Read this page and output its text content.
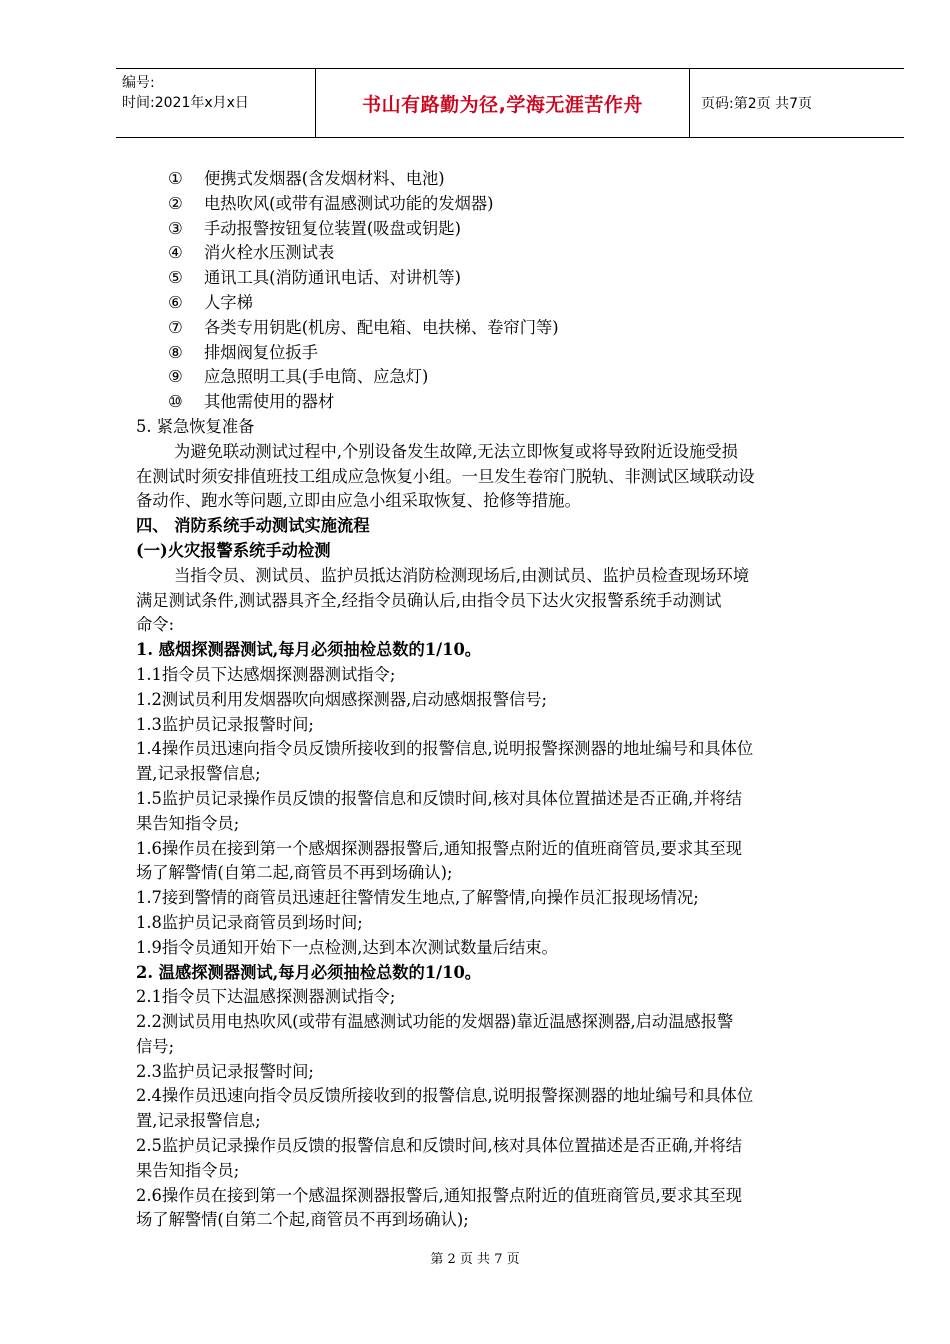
编号:
时间:2021年x月x日	书山有路勤为径,学海无涯苦作舟	页码:第2页 共7页
① 便携式发烟器(含发烟材料、电池)
② 电热吹风(或带有温感测试功能的发烟器)
③ 手动报警按钮复位装置(吸盘或钥匙)
④ 消火栓水压测试表
⑤ 通讯工具(消防通讯电话、对讲机等)
⑥ 人字梯
⑦ 各类专用钥匙(机房、配电箱、电扶梯、卷帘门等)
⑧ 排烟阀复位扳手
⑨ 应急照明工具(手电筒、应急灯)
⑩ 其他需使用的器材
5. 紧急恢复准备
为避免联动测试过程中,个别设备发生故障,无法立即恢复或将导致附近设施受损
在测试时须安排值班技工组成应急恢复小组。一旦发生卷帘门脱轨、非测试区域联动设
备动作、跑水等问题,立即由应急小组采取恢复、抢修等措施。
四、 消防系统手动测试实施流程
(一)火灾报警系统手动检测
当指令员、测试员、监护员抵达消防检测现场后,由测试员、监护员检查现场环境
满足测试条件,测试器具齐全,经指令员确认后,由指令员下达火灾报警系统手动测试
命令:
1. 感烟探测器测试,每月必须抽检总数的1/10。
1.1指令员下达感烟探测器测试指令;
1.2测试员利用发烟器吹向烟感探测器,启动感烟报警信号;
1.3监护员记录报警时间;
1.4操作员迅速向指令员反馈所接收到的报警信息,说明报警探测器的地址编号和具体位
置,记录报警信息;
1.5监护员记录操作员反馈的报警信息和反馈时间,核对具体位置描述是否正确,并将结
果告知指令员;
1.6操作员在接到第一个感烟探测器报警后,通知报警点附近的值班商管员,要求其至现
场了解警情(自第二起,商管员不再到场确认);
1.7接到警情的商管员迅速赶往警情发生地点,了解警情,向操作员汇报现场情况;
1.8监护员记录商管员到场时间;
1.9指令员通知开始下一点检测,达到本次测试数量后结束。
2. 温感探测器测试,每月必须抽检总数的1/10。
2.1指令员下达温感探测器测试指令;
2.2测试员用电热吹风(或带有温感测试功能的发烟器)靠近温感探测器,启动温感报警
信号;
2.3监护员记录报警时间;
2.4操作员迅速向指令员反馈所接收到的报警信息,说明报警探测器的地址编号和具体位
置,记录报警信息;
2.5监护员记录操作员反馈的报警信息和反馈时间,核对具体位置描述是否正确,并将结
果告知指令员;
2.6操作员在接到第一个感温探测器报警后,通知报警点附近的值班商管员,要求其至现
场了解警情(自第二个起,商管员不再到场确认);
第 2 页 共 7 页
